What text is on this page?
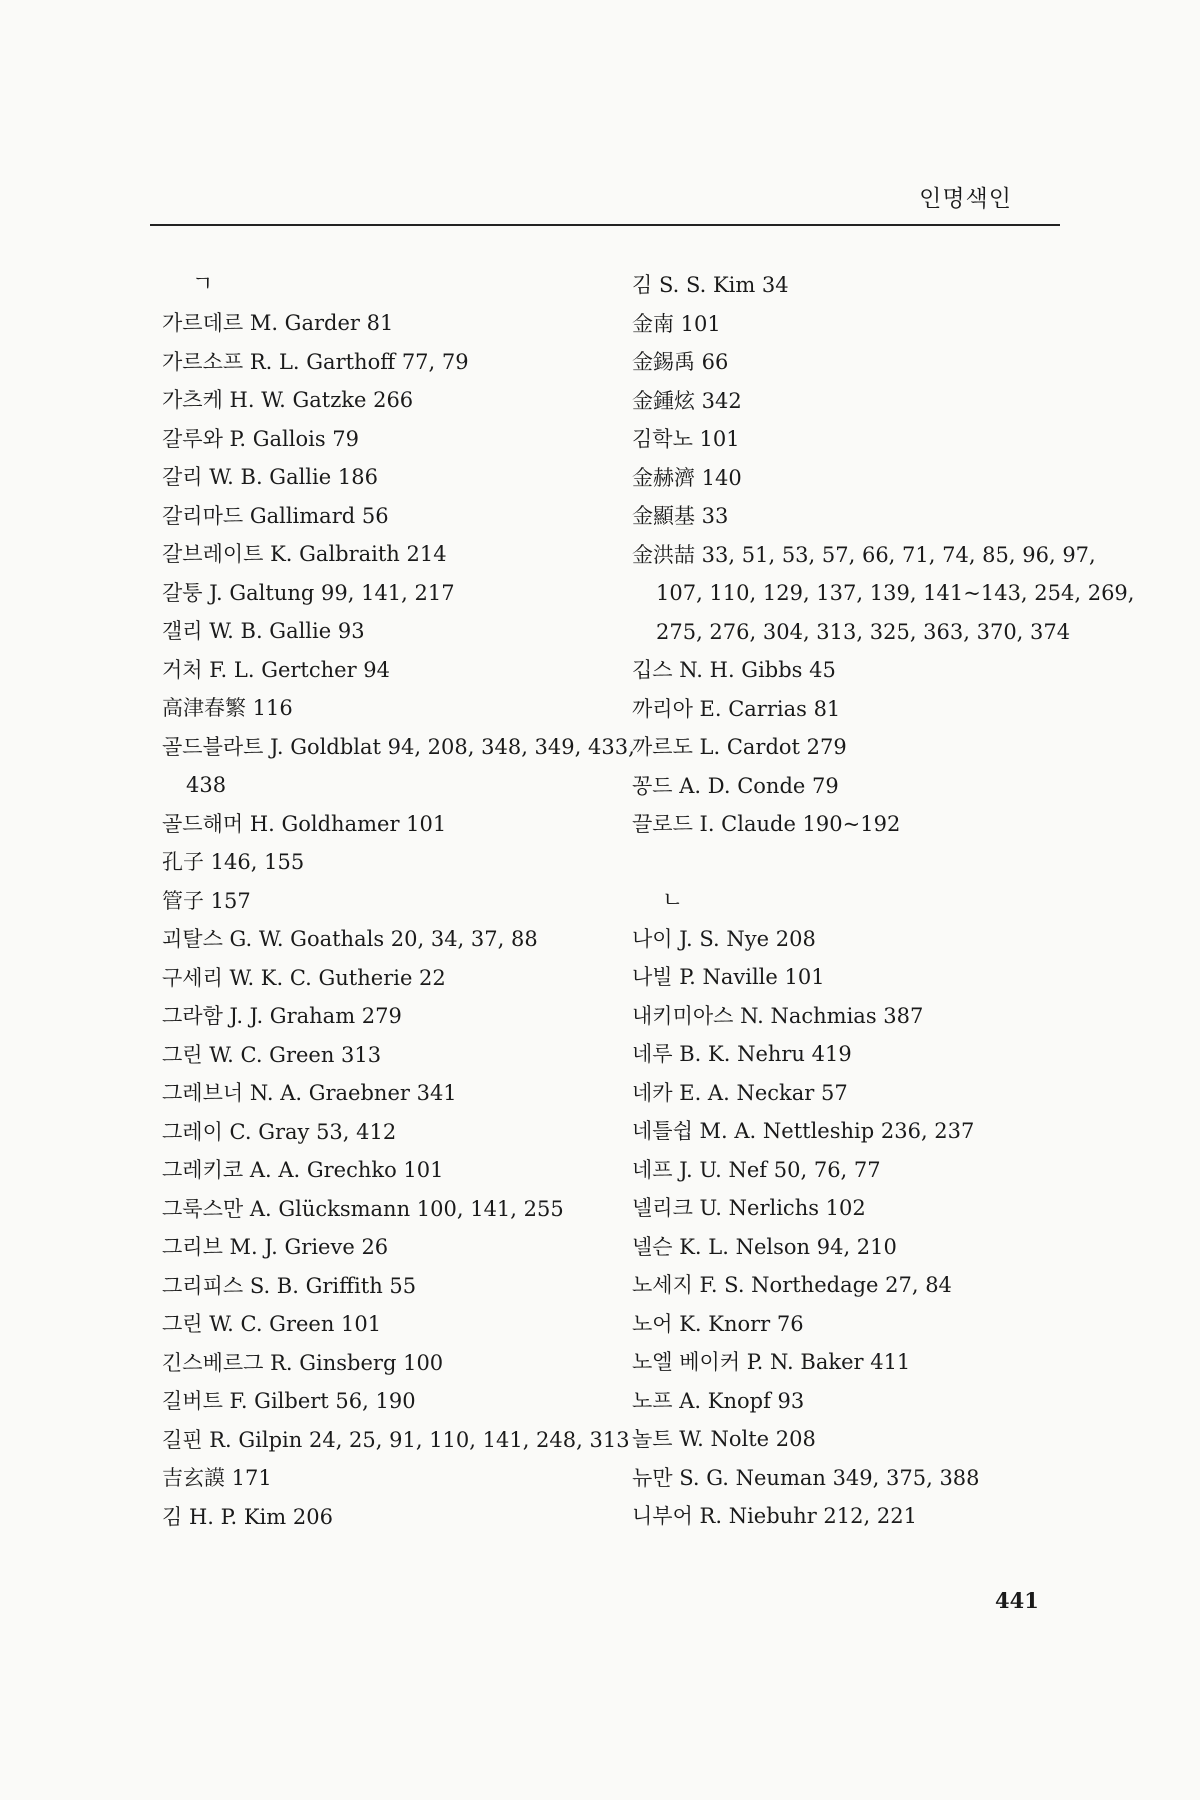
인명색인
ㄱ
가르데르 M. Garder 81
가르소프 R. L. Garthoff 77, 79
가츠케 H. W. Gatzke 266
갈루와 P. Gallois 79
갈리 W. B. Gallie 186
갈리마드 Gallimard 56
갈브레이트 K. Galbraith 214
갈퉁 J. Galtung 99, 141, 217
갤리 W. B. Gallie 93
거처 F. L. Gertcher 94
高津春繁 116
골드블라트 J. Goldblat 94, 208, 348, 349, 433,
438
골드해머 H. Goldhamer 101
孔子 146, 155
管子 157
괴탈스 G. W. Goathals 20, 34, 37, 88
구세리 W. K. C. Gutherie 22
그라함 J. J. Graham 279
그린 W. C. Green 313
그레브너 N. A. Graebner 341
그레이 C. Gray 53, 412
그레키코 A. A. Grechko 101
그룩스만 A. Glücksmann 100, 141, 255
그리브 M. J. Grieve 26
그리피스 S. B. Griffith 55
그린 W. C. Green 101
긴스베르그 R. Ginsberg 100
길버트 F. Gilbert 56, 190
길핀 R. Gilpin 24, 25, 91, 110, 141, 248, 313
吉玄謨 171
김 H. P. Kim 206
김 S. S. Kim 34
金南 101
金錫禹 66
金鍾炫 342
김학노 101
金赫濟 140
金顯基 33
金洪喆 33, 51, 53, 57, 66, 71, 74, 85, 96, 97,
107, 110, 129, 137, 139, 141~143, 254, 269,
275, 276, 304, 313, 325, 363, 370, 374
깁스 N. H. Gibbs 45
까리아 E. Carrias 81
까르도 L. Cardot 279
꽁드 A. D. Conde 79
끌로드 I. Claude 190~192
ㄴ
나이 J. S. Nye 208
나빌 P. Naville 101
내키미아스 N. Nachmias 387
네루 B. K. Nehru 419
네카 E. A. Neckar 57
네틀쉽 M. A. Nettleship 236, 237
네프 J. U. Nef 50, 76, 77
넬리크 U. Nerlichs 102
넬슨 K. L. Nelson 94, 210
노세지 F. S. Northedage 27, 84
노어 K. Knorr 76
노엘 베이커 P. N. Baker 411
노프 A. Knopf 93
놀트 W. Nolte 208
뉴만 S. G. Neuman 349, 375, 388
니부어 R. Niebuhr 212, 221
441
